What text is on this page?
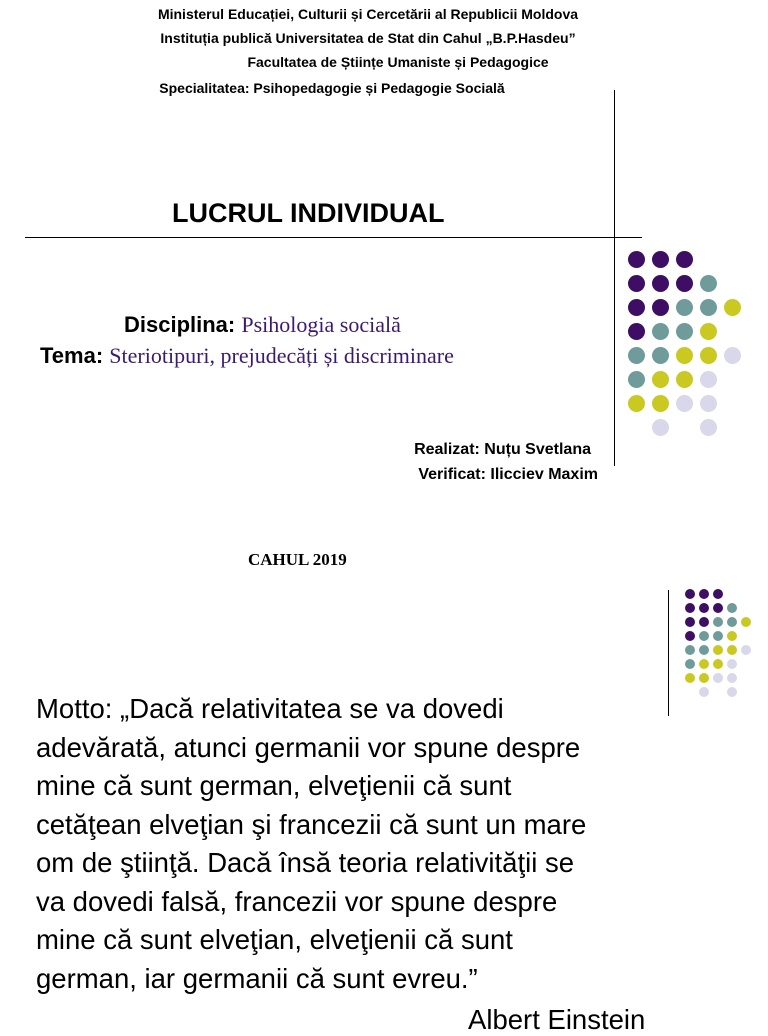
Ministerul Educației, Culturii și Cercetării al Republicii Moldova
Instituția publică Universitatea de Stat din Cahul „B.P.Hasdeu”
Facultatea de Științe Umaniste și Pedagogice
Specialitatea: Psihopedagogie și Pedagogie Socială
LUCRUL INDIVIDUAL
Disciplina: Psihologia socială
Tema: Steriotipuri, prejudecăți și discriminare
Realizat: Nuțu Svetlana
Verificat: Ilicciev Maxim
CAHUL 2019
Motto: „Dacă relativitatea se va dovedi
adevărată, atunci germanii vor spune despre
mine că sunt german, elveţienii că sunt
cetăţean elveţian şi francezii că sunt un mare
om de ştiinţă. Dacă însă teoria relativităţii se
va dovedi falsă, francezii vor spune despre
mine că sunt elveţian, elveţienii că sunt
german, iar germanii că sunt evreu.”
Albert Einstein
